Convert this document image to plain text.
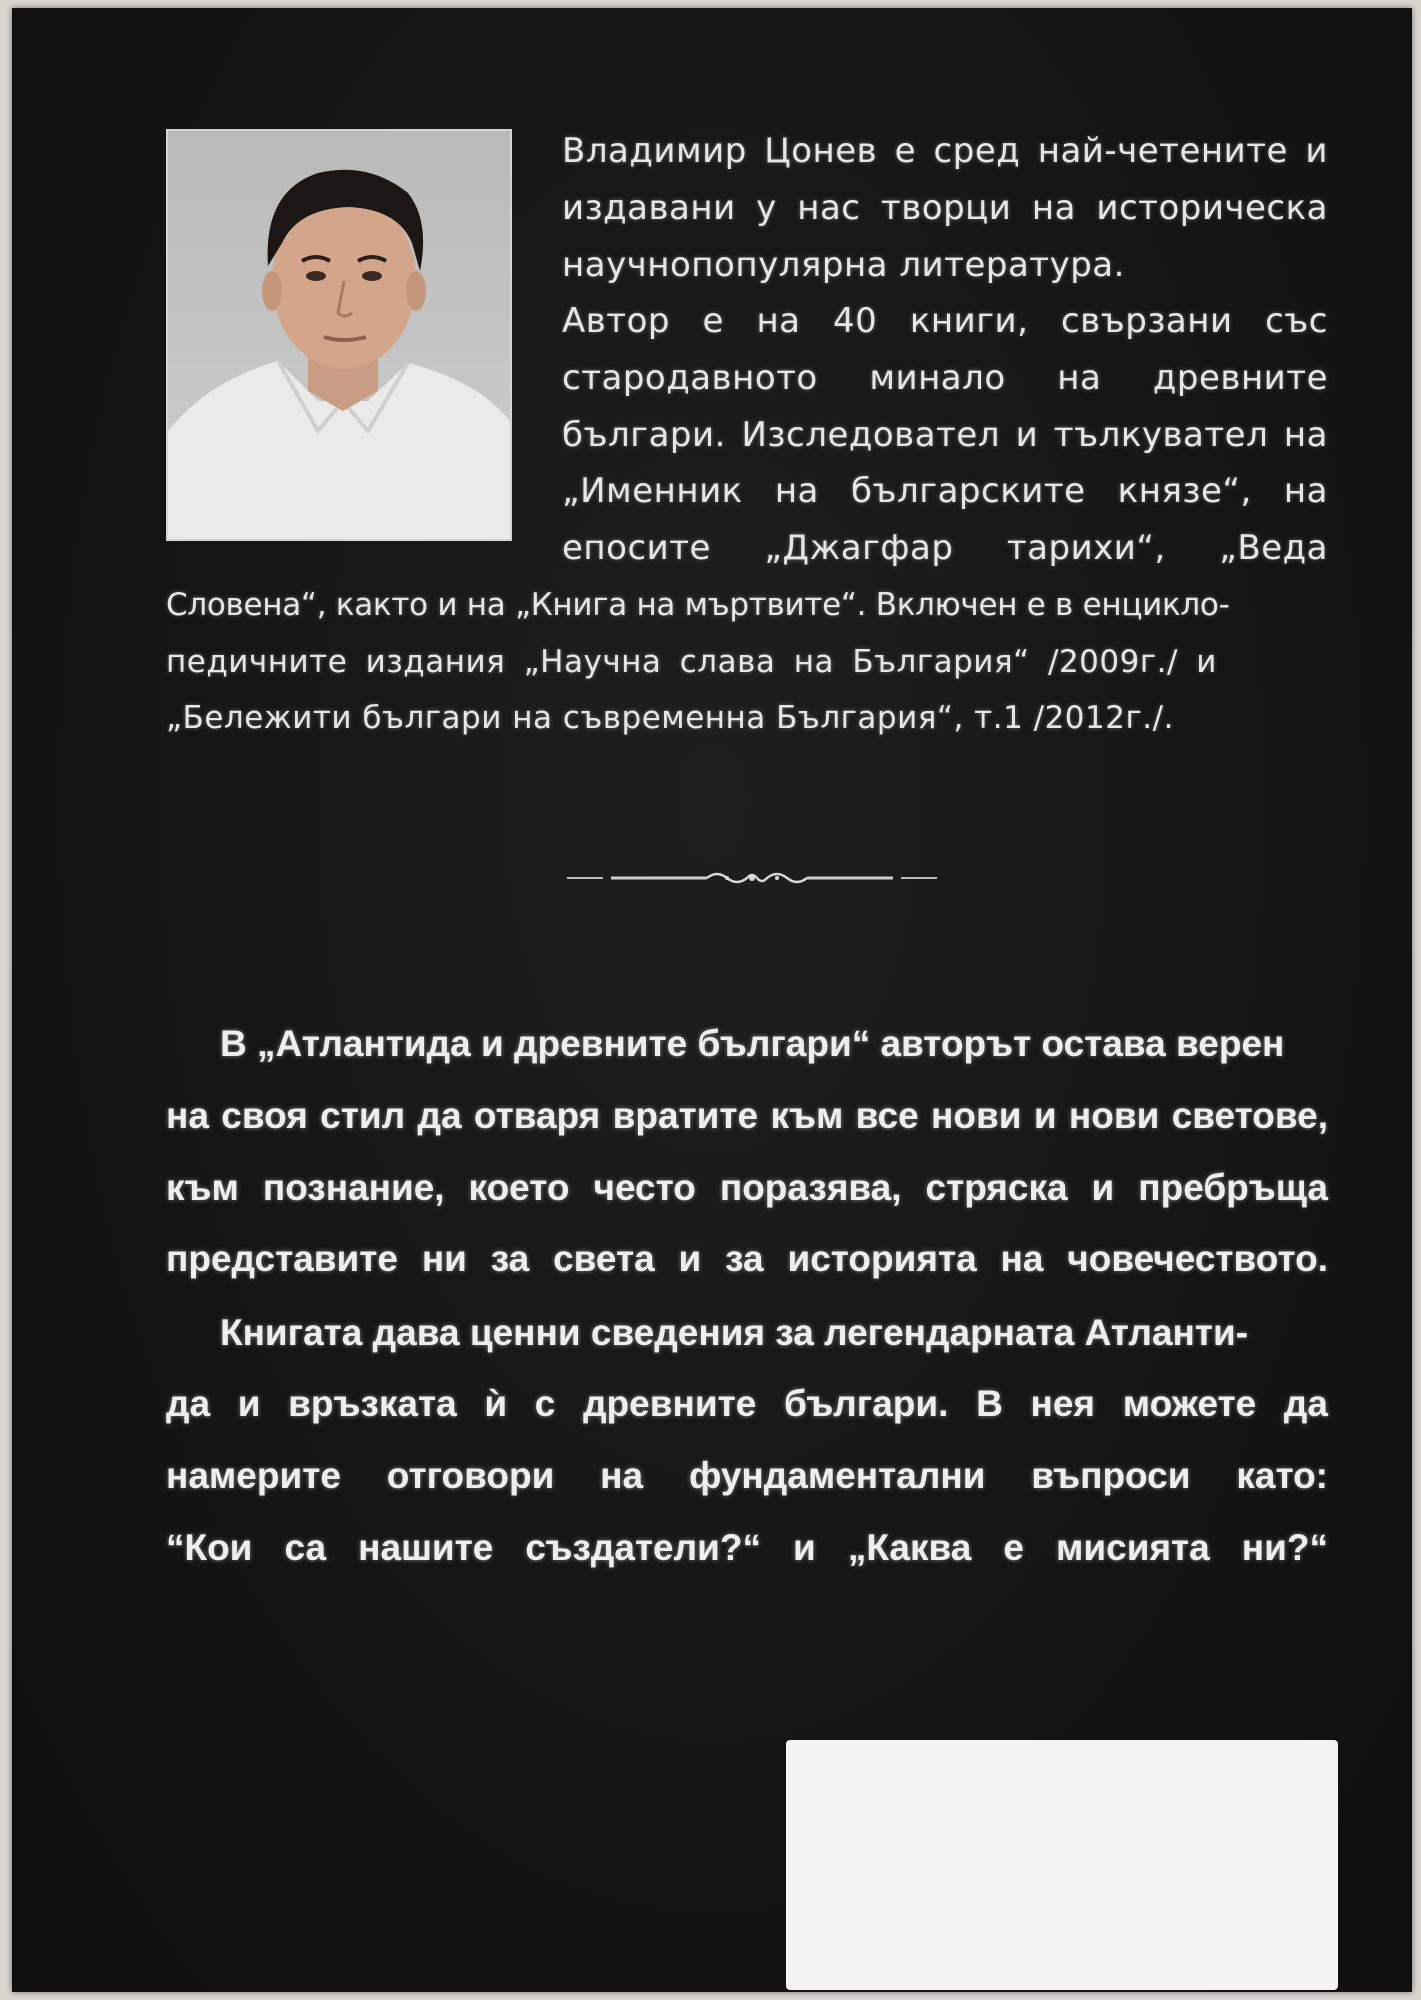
Владимир Цонев е сред най-четените и
издавани у нас творци на историческа
научнопопулярна литература.
Автор е на 40 книги, свързани със
стародавното минало на древните
българи. Изследовател и тълкувател на
„Именник на българските князе“, на
епосите „Джагфар тарихи“, „Веда
Словена“, както и на „Книга на мъртвите“. Включен е в енцикло-
педичните издания „Научна слава на България“ /2009г./ и
„Бележити българи на съвременна България“, т.1 /2012г./.
В „Атлантида и древните българи“ авторът остава верен
на своя стил да отваря вратите към все нови и нови светове,
към познание, което често поразява, стряска и пребръща
представите ни за света и за историята на човечеството.
Книгата дава ценни сведения за легендарната Атланти-
да и връзката ѝ с древните българи. В нея можете да
намерите отговори на фундаментални въпроси като:
“Кои са нашите създатели?“ и „Каква е мисията ни?“
